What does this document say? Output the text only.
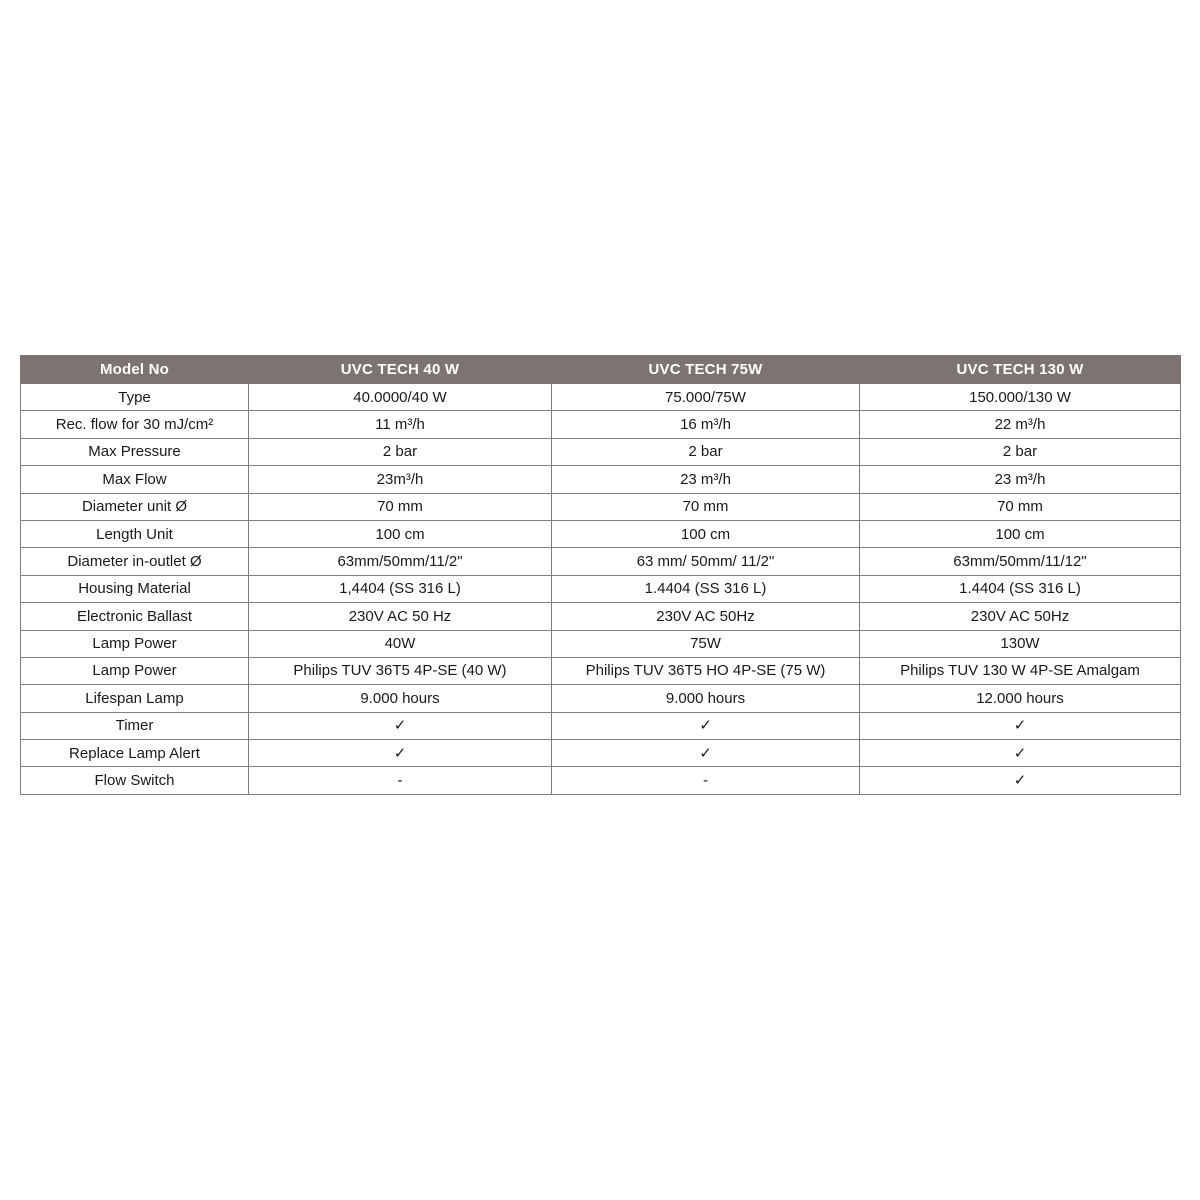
Model No	UVC TECH 40 W	UVC TECH 75W	UVC TECH 130 W
Type	40.0000/40 W	75.000/75W	150.000/130 W
Rec. flow for 30 mJ/cm²	11 m³/h	16 m³/h	22 m³/h
Max Pressure	2 bar	2 bar	2 bar
Max Flow	23m³/h	23 m³/h	23 m³/h
Diameter unit Ø	70 mm	70 mm	70 mm
Length Unit	100 cm	100 cm	100 cm
Diameter in-outlet Ø	63mm/50mm/11/2"	63 mm/ 50mm/ 11/2"	63mm/50mm/11/12"
Housing Material	1,4404 (SS 316 L)	1.4404 (SS 316 L)	1.4404 (SS 316 L)
Electronic Ballast	230V AC 50 Hz	230V AC 50Hz	230V AC 50Hz
Lamp Power	40W	75W	130W
Lamp Power	Philips TUV 36T5 4P-SE (40 W)	Philips TUV 36T5 HO 4P-SE (75 W)	Philips TUV 130 W 4P-SE Amalgam
Lifespan Lamp	9.000 hours	9.000 hours	12.000 hours
Timer	✓	✓	✓
Replace Lamp Alert	✓	✓	✓
Flow Switch	-	-	✓
